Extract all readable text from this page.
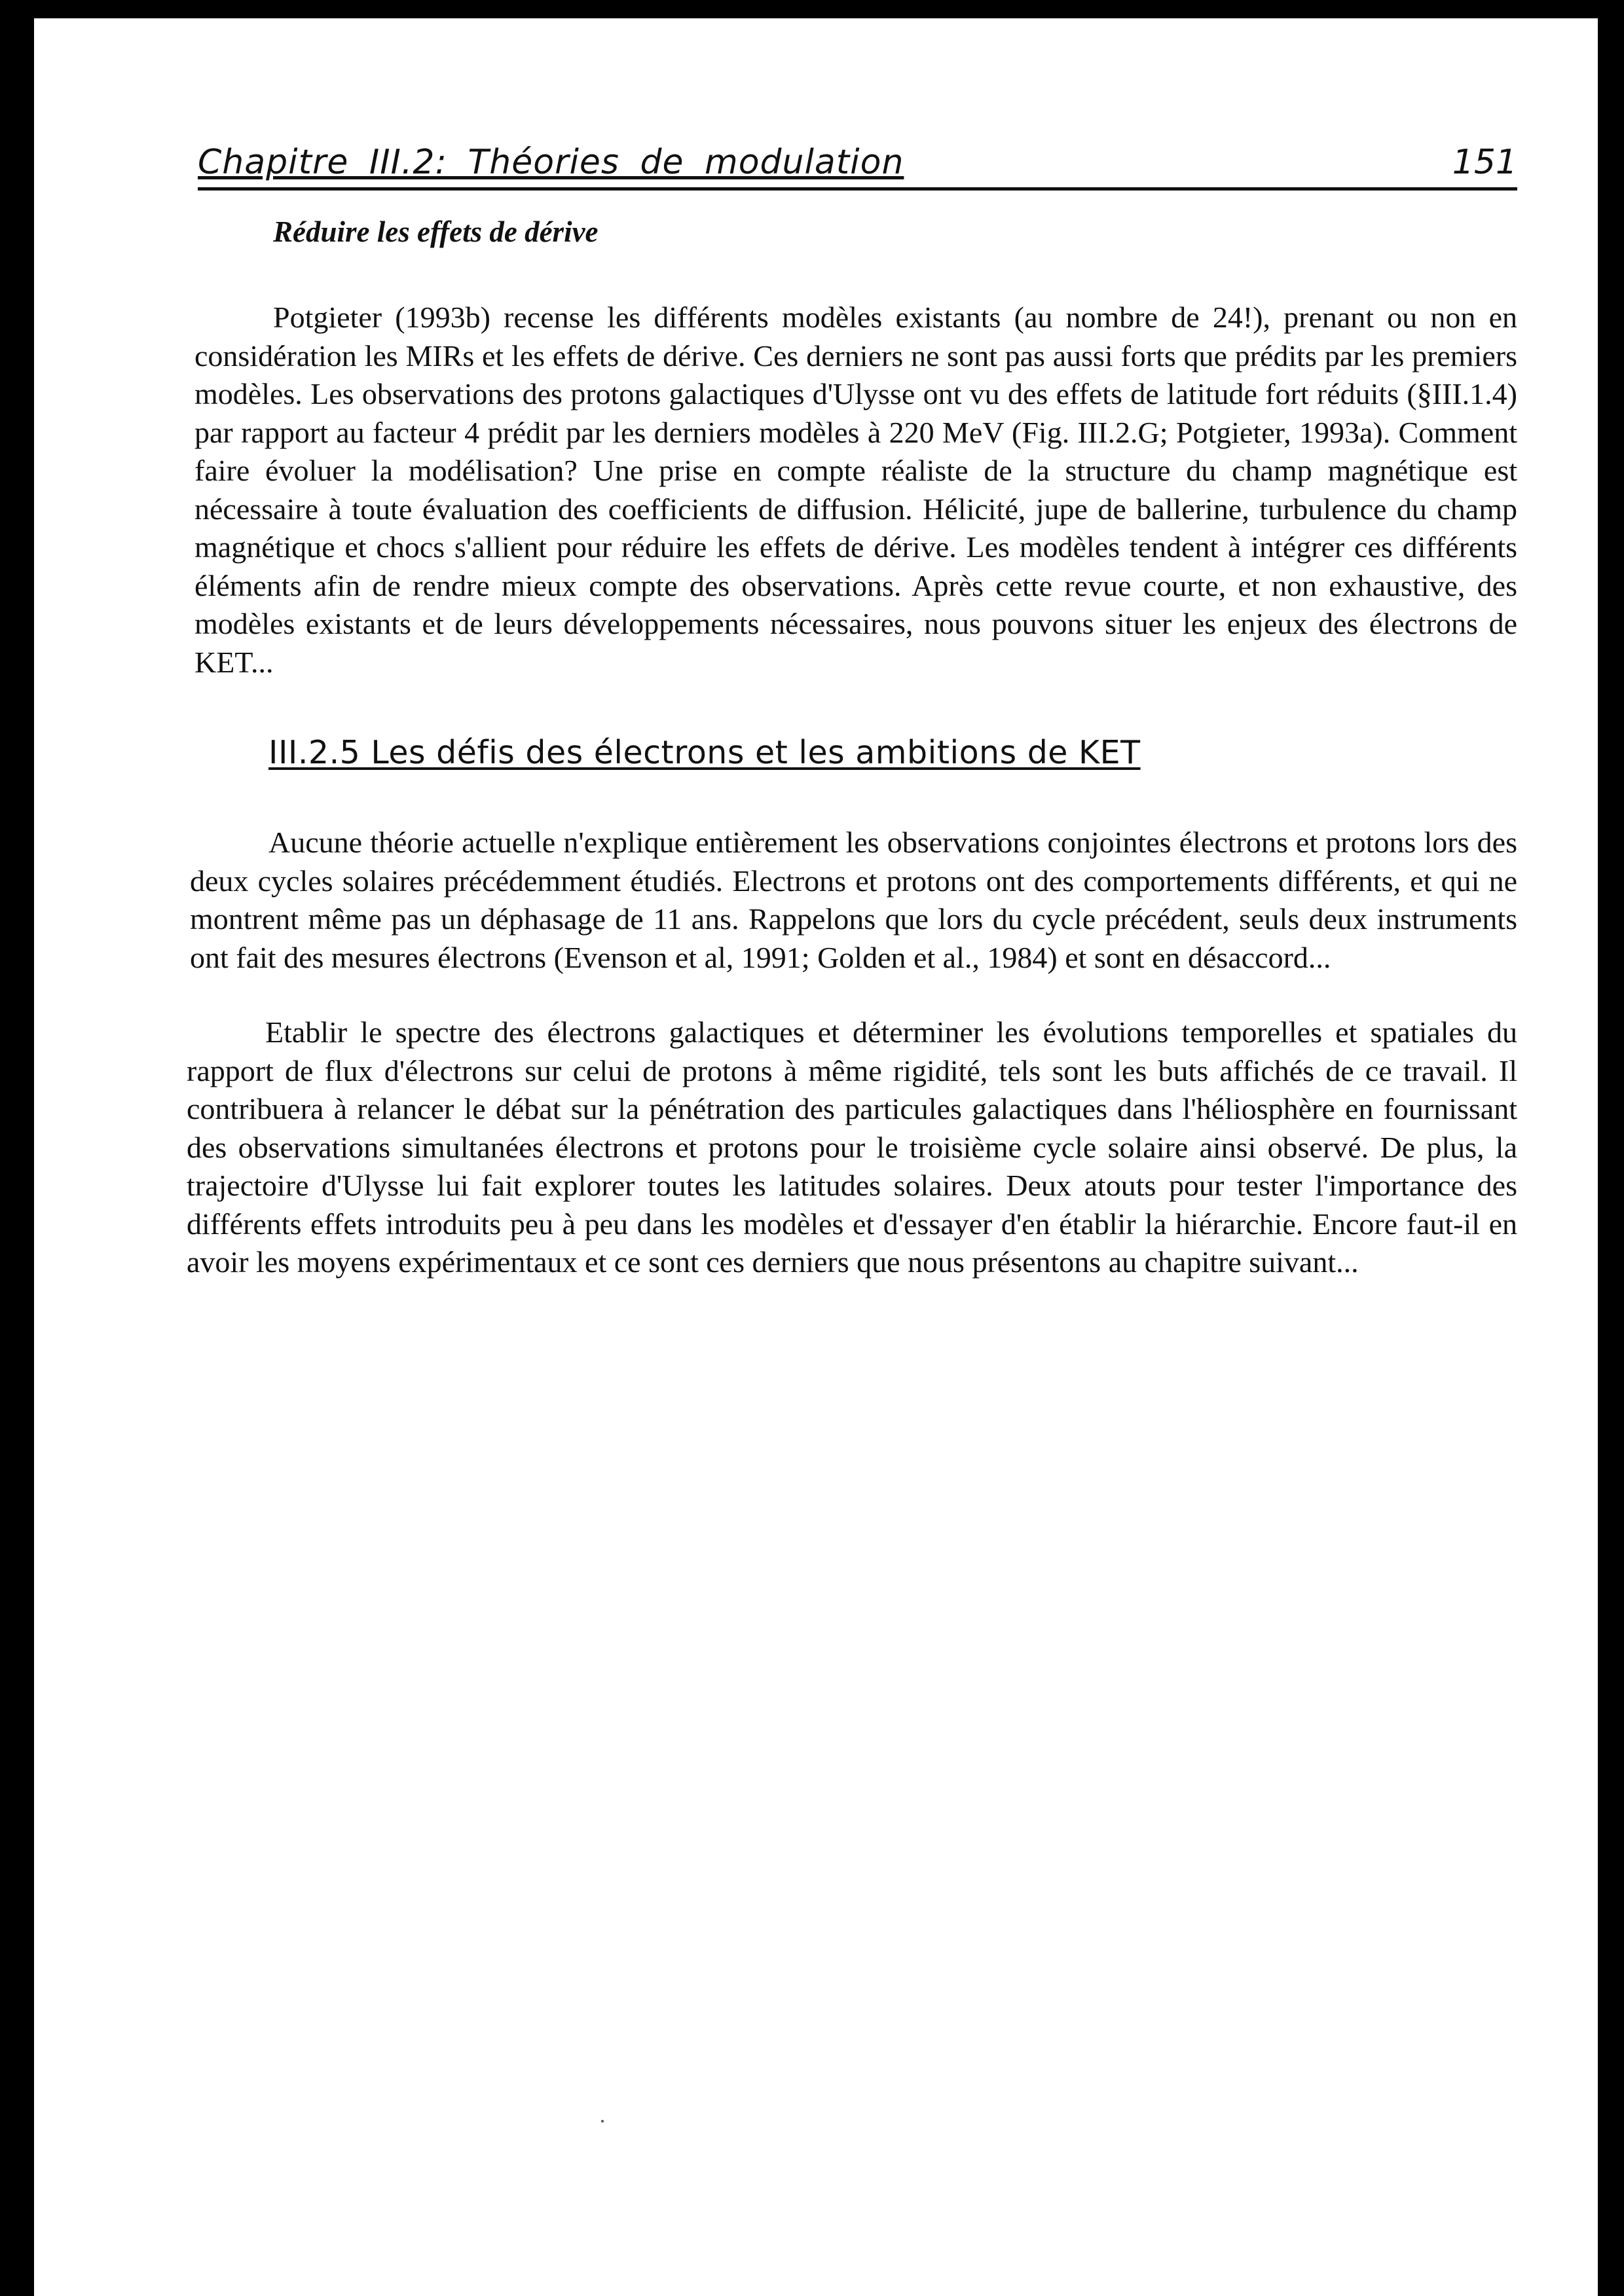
Chapitre III.2: Théories de modulation	151
Réduire les effets de dérive

Potgieter (1993b) recense les différents modèles existants (au nombre de 24!), prenant ou non en considération les MIRs et les effets de dérive. Ces derniers ne sont pas aussi forts que prédits par les premiers modèles. Les observations des protons galactiques d'Ulysse ont vu des effets de latitude fort réduits (§III.1.4) par rapport au facteur 4 prédit par les derniers modèles à 220 MeV (Fig. III.2.G; Potgieter, 1993a). Comment faire évoluer la modélisation? Une prise en compte réaliste de la structure du champ magnétique est nécessaire à toute évaluation des coefficients de diffusion. Hélicité, jupe de ballerine, turbulence du champ magnétique et chocs s'allient pour réduire les effets de dérive. Les modèles tendent à intégrer ces différents éléments afin de rendre mieux compte des observations. Après cette revue courte, et non exhaustive, des modèles existants et de leurs développements nécessaires, nous pouvons situer les enjeux des électrons de KET...

III.2.5 Les défis des électrons et les ambitions de KET

Aucune théorie actuelle n'explique entièrement les observations conjointes électrons et protons lors des deux cycles solaires précédemment étudiés. Electrons et protons ont des comportements différents, et qui ne montrent même pas un déphasage de 11 ans. Rappelons que lors du cycle précédent, seuls deux instruments ont fait des mesures électrons (Evenson et al, 1991; Golden et al., 1984) et sont en désaccord...

Etablir le spectre des électrons galactiques et déterminer les évolutions temporelles et spatiales du rapport de flux d'électrons sur celui de protons à même rigidité, tels sont les buts affichés de ce travail. Il contribuera à relancer le débat sur la pénétration des particules galactiques dans l'héliosphère en fournissant des observations simultanées électrons et protons pour le troisième cycle solaire ainsi observé. De plus, la trajectoire d'Ulysse lui fait explorer toutes les latitudes solaires. Deux atouts pour tester l'importance des différents effets introduits peu à peu dans les modèles et d'essayer d'en établir la hiérarchie. Encore faut-il en avoir les moyens expérimentaux et ce sont ces derniers que nous présentons au chapitre suivant...
